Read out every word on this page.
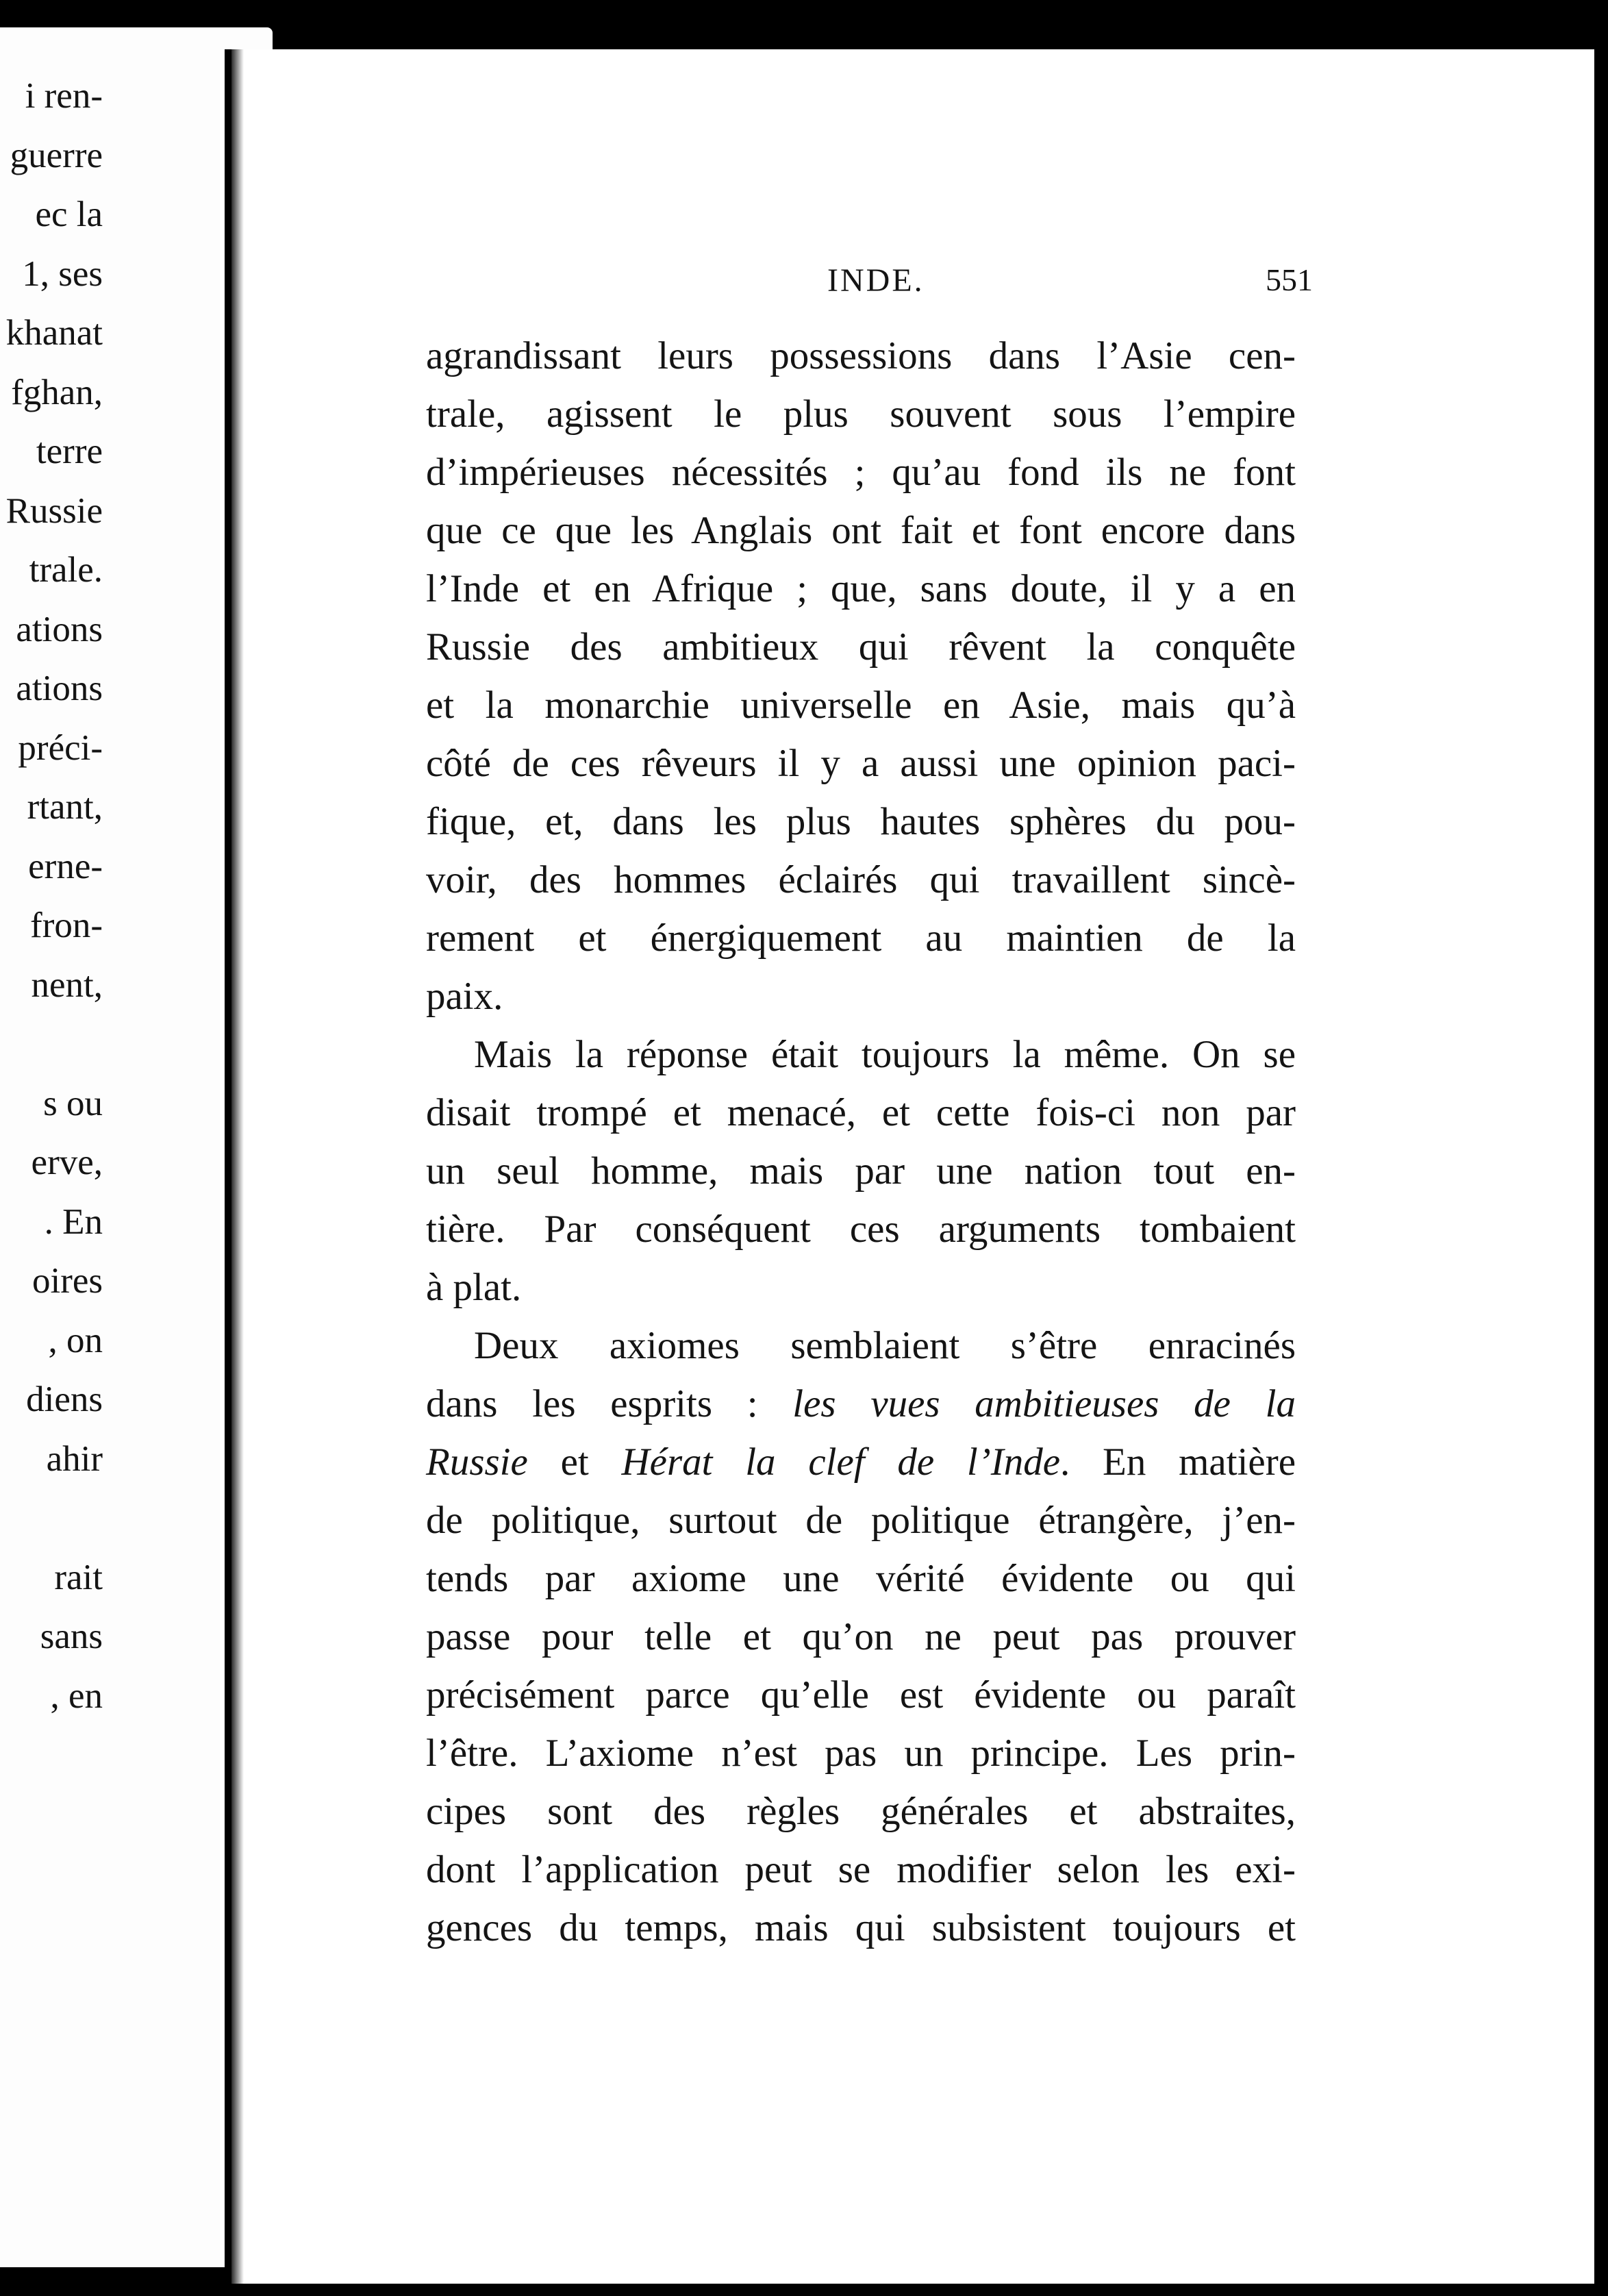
i ren-
guerre
ec la
1, ses
khanat
fghan,
terre
Russie
trale.
ations
ations
préci-
rtant,
erne-
fron-
nent,
s ou
erve,
. En
oires
, on
diens
ahir
rait
sans
, en
INDE.	551
agrandissant leurs possessions dans l’Asie cen-
trale, agissent le plus souvent sous l’empire
d’impérieuses nécessités ; qu’au fond ils ne font
que ce que les Anglais ont fait et font encore dans
l’Inde et en Afrique ; que, sans doute, il y a en
Russie des ambitieux qui rêvent la conquête
et la monarchie universelle en Asie, mais qu’à
côté de ces rêveurs il y a aussi une opinion paci-
fique, et, dans les plus hautes sphères du pou-
voir, des hommes éclairés qui travaillent sincè-
rement et énergiquement au maintien de la
paix.
Mais la réponse était toujours la même. On se
disait trompé et menacé, et cette fois-ci non par
un seul homme, mais par une nation tout en-
tière. Par conséquent ces arguments tombaient
à plat.
Deux axiomes semblaient s’être enracinés
dans les esprits : les vues ambitieuses de la
Russie et Hérat la clef de l’Inde. En matière
de politique, surtout de politique étrangère, j’en-
tends par axiome une vérité évidente ou qui
passe pour telle et qu’on ne peut pas prouver
précisément parce qu’elle est évidente ou paraît
l’être. L’axiome n’est pas un principe. Les prin-
cipes sont des règles générales et abstraites,
dont l’application peut se modifier selon les exi-
gences du temps, mais qui subsistent toujours et
